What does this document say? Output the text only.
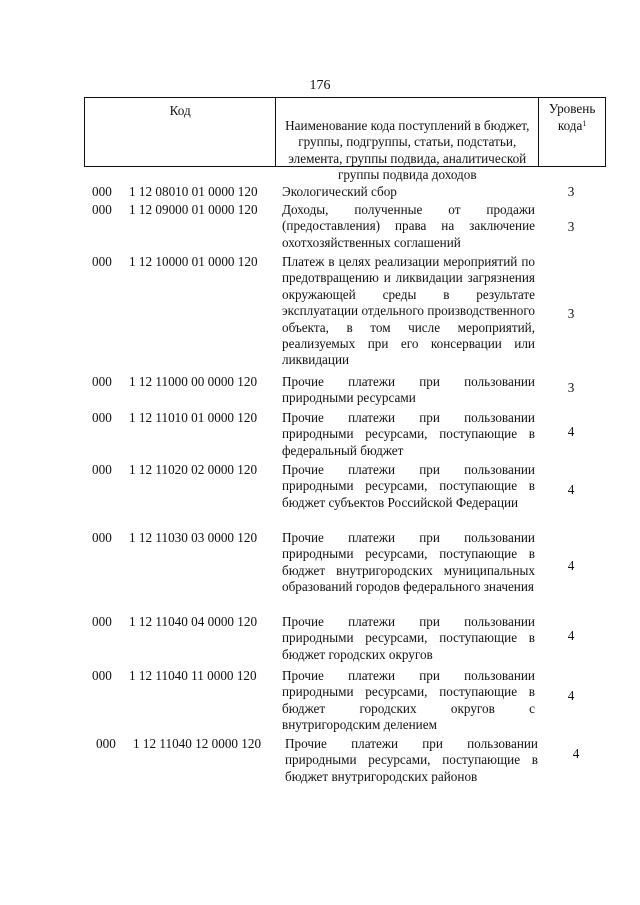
176
Код

Наименование кода поступлений в бюджет, группы, подгруппы, статьи, подстатьи, элемента, группы подвида, аналитической группы подвида доходов

Уровень кода$^1$
000 1 12 08010 01 0000 120 Экологический сбор	3
000 1 12 09000 01 0000 120 Доходы, полученные от продажи (предоставления) права на заключение охотхозяйственных соглашений
3
000 1 12 10000 01 0000 120 Платеж в целях реализации мероприятий по предотвращению и ликвидации загрязнения окружающей среды в результате эксплуатации отдельного производственного объекта, в том числе мероприятий, реализуемых при его консервации или ликвидации
3
000 1 12 11000 00 0000 120 Прочие платежи при пользовании природными ресурсами
3
000 1 12 11010 01 0000 120 Прочие платежи при пользовании природными ресурсами, поступающие в федеральный бюджет
4
000 1 12 11020 02 0000 120 Прочие платежи при пользовании природными ресурсами, поступающие в бюджет субъектов Российской Федерации
4
000 1 12 11030 03 0000 120 Прочие платежи при пользовании природными ресурсами, поступающие в бюджет внутригородских муниципальных образований городов федерального значения
4
000 1 12 11040 04 0000 120 Прочие платежи при пользовании природными ресурсами, поступающие в бюджет городских округов
4
000 1 12 11040 11 0000 120 Прочие платежи при пользовании природными ресурсами, поступающие в бюджет городских округов с внутригородским делением
4
000 1 12 11040 12 0000 120 Прочие платежи при пользовании природными ресурсами, поступающие в бюджет внутригородских районов
4
